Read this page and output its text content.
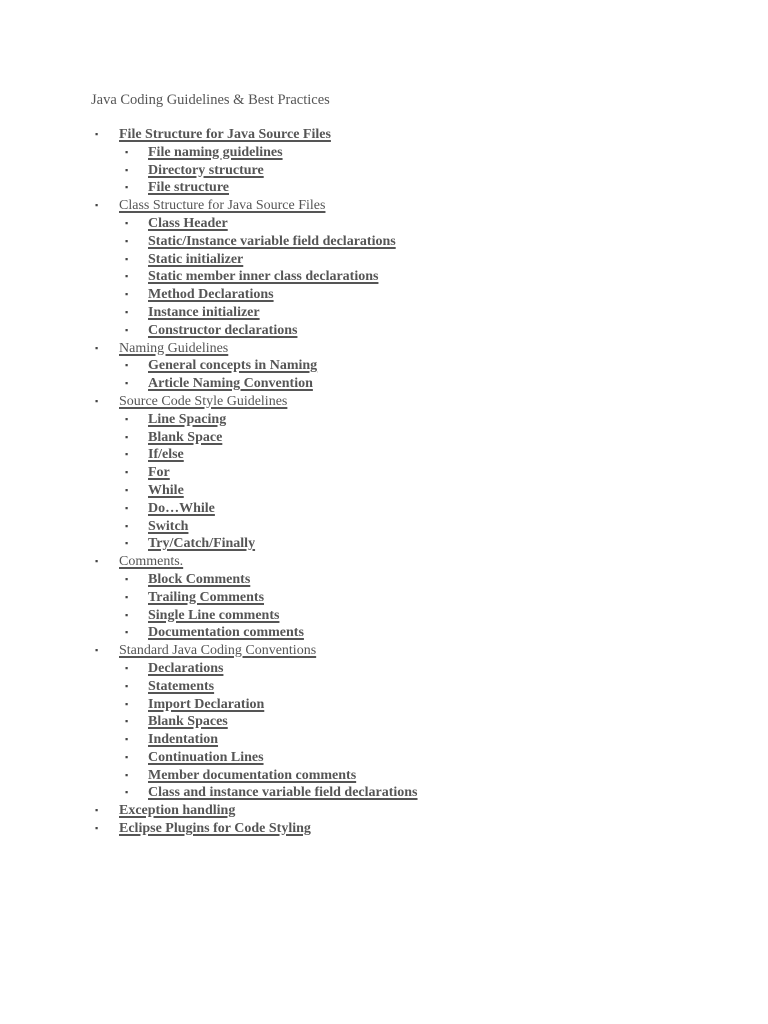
Java Coding Guidelines & Best Practices
▪ File Structure for Java Source Files
▪ File naming guidelines
▪ Directory structure
▪ File structure
▪ Class Structure for Java Source Files
▪ Class Header
▪ Static/Instance variable field declarations
▪ Static initializer
▪ Static member inner class declarations
▪ Method Declarations
▪ Instance initializer
▪ Constructor declarations
▪ Naming Guidelines
▪ General concepts in Naming
▪ Article Naming Convention
▪ Source Code Style Guidelines
▪ Line Spacing
▪ Blank Space
▪ If/else
▪ For
▪ While
▪ Do…While
▪ Switch
▪ Try/Catch/Finally
▪ Comments.
▪ Block Comments
▪ Trailing Comments
▪ Single Line comments
▪ Documentation comments
▪ Standard Java Coding Conventions
▪ Declarations
▪ Statements
▪ Import Declaration
▪ Blank Spaces
▪ Indentation
▪ Continuation Lines
▪ Member documentation comments
▪ Class and instance variable field declarations
▪ Exception handling
▪ Eclipse Plugins for Code Styling
